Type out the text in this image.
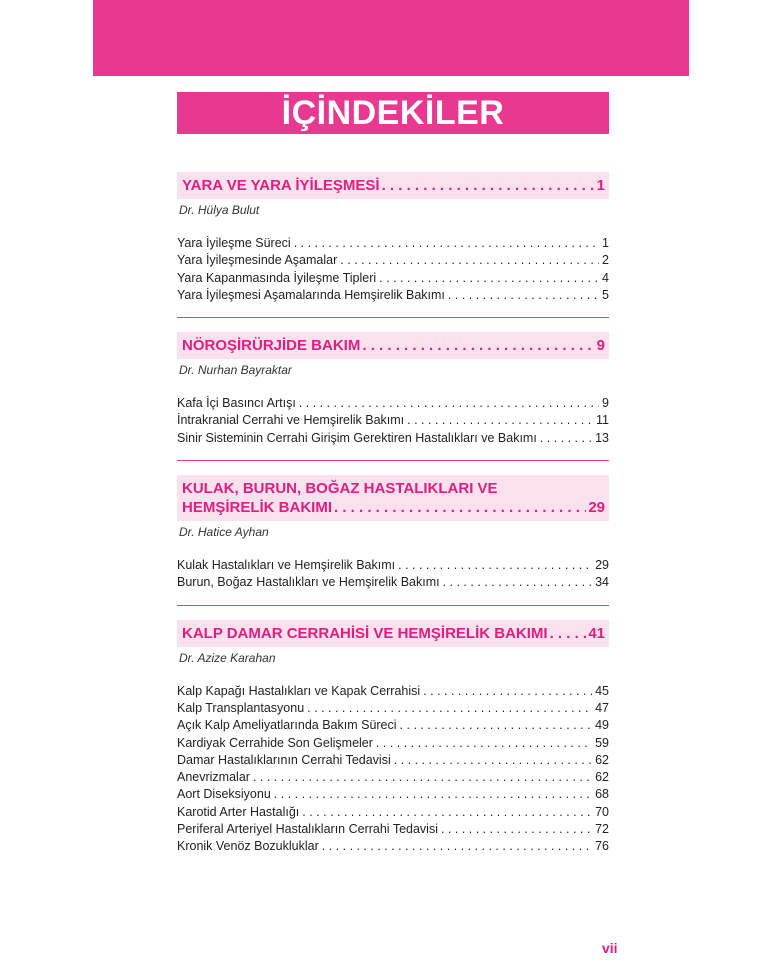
İÇİNDEKİLER
YARA VE YARA İYİLEŞMESİ . . .	1
Dr. Hülya Bulut
Yara İyileşme Süreci . . .	1
Yara İyileşmesinde Aşamalar . . .	2
Yara Kapanmasında İyileşme Tipleri . . .	4
Yara İyileşmesi Aşamalarında Hemşirelik Bakımı . . .	5
NÖROŞİRÜRJİDE BAKIM . . .	9
Dr. Nurhan Bayraktar
Kafa İçi Basıncı Artışı . . .	9
İntrakranial Cerrahi ve Hemşirelik Bakımı . . .	11
Sinir Sisteminin Cerrahi Girişim Gerektiren Hastalıkları ve Bakımı . . .	13
KULAK, BURUN, BOĞAZ HASTALIKLARI VE
HEMŞİRELİK BAKIMI . . .	29
Dr. Hatice Ayhan
Kulak Hastalıkları ve Hemşirelik Bakımı . . .	29
Burun, Boğaz Hastalıkları ve Hemşirelik Bakımı . . .	34
KALP DAMAR CERRAHİSİ VE HEMŞİRELİK BAKIMI . . .	41
Dr. Azize Karahan
Kalp Kapağı Hastalıkları ve Kapak Cerrahisi . . .	45
Kalp Transplantasyonu . . .	47
Açık Kalp Ameliyatlarında Bakım Süreci . . .	49
Kardiyak Cerrahide Son Gelişmeler . . .	59
Damar Hastalıklarının Cerrahi Tedavisi . . .	62
Anevrizmalar . . .	62
Aort Diseksiyonu . . .	68
Karotid Arter Hastalığı . . .	70
Periferal Arteriyel Hastalıkların Cerrahi Tedavisi . . .	72
Kronik Venöz Bozukluklar . . .	76
vii
